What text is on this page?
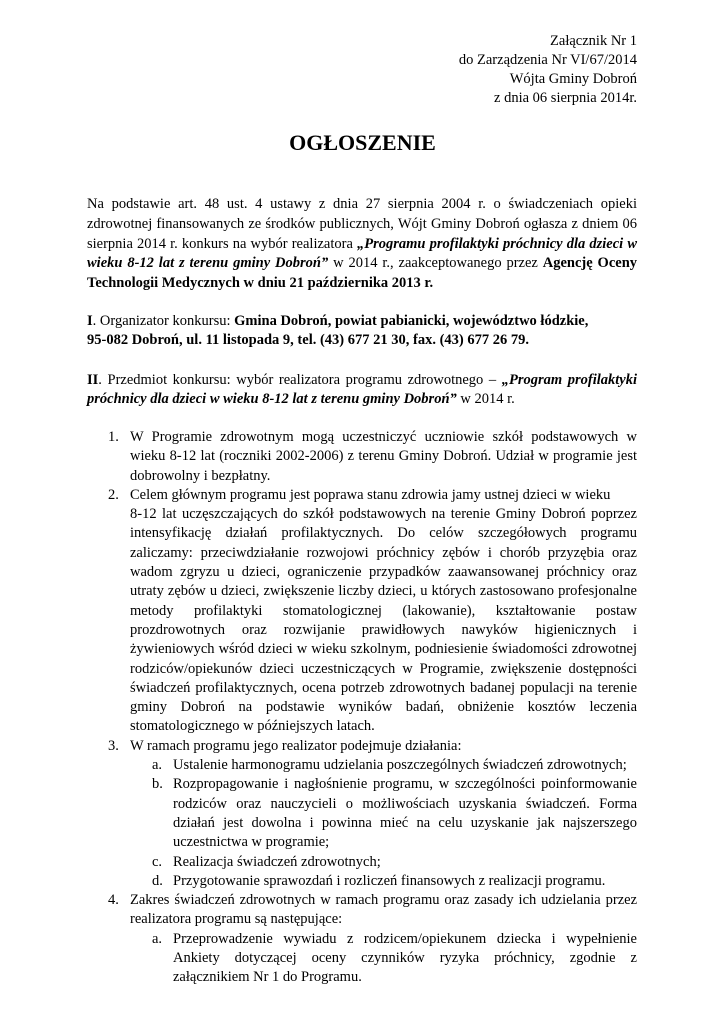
Załącznik Nr 1
do Zarządzenia Nr VI/67/2014
Wójta Gminy Dobroń
z dnia 06 sierpnia 2014r.
OGŁOSZENIE
Na podstawie art. 48 ust. 4 ustawy z dnia 27 sierpnia 2004 r. o świadczeniach opieki
zdrowotnej finansowanych ze środków publicznych, Wójt Gminy Dobroń ogłasza z dniem 06
sierpnia 2014 r. konkurs na wybór realizatora „Programu profilaktyki próchnicy dla dzieci w
wieku 8-12 lat z terenu gminy Dobroń” w 2014 r., zaakceptowanego przez Agencję Oceny
Technologii Medycznych w dniu 21 października 2013 r.
I. Organizator konkursu: Gmina Dobroń, powiat pabianicki, województwo łódzkie,
95-082 Dobroń, ul. 11 listopada 9, tel. (43) 677 21 30, fax. (43) 677 26 79.
II. Przedmiot konkursu: wybór realizatora programu zdrowotnego – „Program profilaktyki
próchnicy dla dzieci w wieku 8-12 lat z terenu gminy Dobroń” w 2014 r.
1. W Programie zdrowotnym mogą uczestniczyć uczniowie szkół podstawowych w
wieku 8-12 lat (roczniki 2002-2006) z terenu Gminy Dobroń. Udział w programie jest
dobrowolny i bezpłatny.
2. Celem głównym programu jest poprawa stanu zdrowia jamy ustnej dzieci w wieku
8-12 lat uczęszczających do szkół podstawowych na terenie Gminy Dobroń poprzez
intensyfikację działań profilaktycznych. Do celów szczegółowych programu
zaliczamy: przeciwdziałanie rozwojowi próchnicy zębów i chorób przyzębia oraz
wadom zgryzu u dzieci, ograniczenie przypadków zaawansowanej próchnicy oraz
utraty zębów u dzieci, zwiększenie liczby dzieci, u których zastosowano profesjonalne
metody profilaktyki stomatologicznej (lakowanie), kształtowanie postaw
prozdrowotnych oraz rozwijanie prawidłowych nawyków higienicznych i
żywieniowych wśród dzieci w wieku szkolnym, podniesienie świadomości zdrowotnej
rodziców/opiekunów dzieci uczestniczących w Programie, zwiększenie dostępności
świadczeń profilaktycznych, ocena potrzeb zdrowotnych badanej populacji na terenie
gminy Dobroń na podstawie wyników badań, obniżenie kosztów leczenia
stomatologicznego w późniejszych latach.
3. W ramach programu jego realizator podejmuje działania:
a. Ustalenie harmonogramu udzielania poszczególnych świadczeń zdrowotnych;
b. Rozpropagowanie i nagłośnienie programu, w szczególności poinformowanie
rodziców oraz nauczycieli o możliwościach uzyskania świadczeń. Forma
działań jest dowolna i powinna mieć na celu uzyskanie jak najszerszego
uczestnictwa w programie;
c. Realizacja świadczeń zdrowotnych;
d. Przygotowanie sprawozdań i rozliczeń finansowych z realizacji programu.
4. Zakres świadczeń zdrowotnych w ramach programu oraz zasady ich udzielania przez
realizatora programu są następujące:
a. Przeprowadzenie wywiadu z rodzicem/opiekunem dziecka i wypełnienie
Ankiety dotyczącej oceny czynników ryzyka próchnicy, zgodnie z
załącznikiem Nr 1 do Programu.
